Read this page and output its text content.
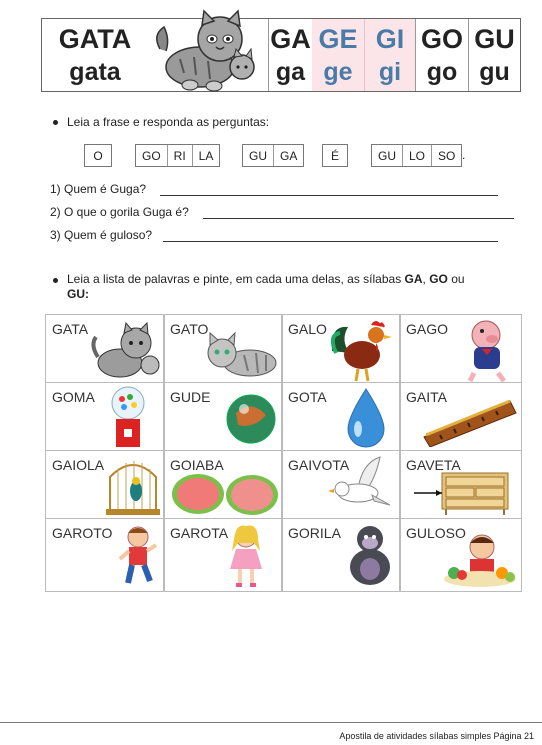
GATA
gata
GA
ga
GE
ge
GI
gi
GO
go
GU
gu
Leia a frase e responda as perguntas:
O	GO	RI	LA	GU	GA	É	GU	LO	SO .
1) Quem é Guga?
2) O que o gorila Guga é?
3) Quem é guloso?
Leia a lista de palavras e pinte, em cada uma delas, as sílabas GA, GO ou
GU:
GATA	GATO	GALO	GAGO
GOMA	GUDE	GOTA	GAITA
GAIOLA	GOIABA	GAIVOTA	GAVETA
GAROTO	GAROTA	GORILA	GULOSO
Apostila de atividades sílabas simples Página 21
